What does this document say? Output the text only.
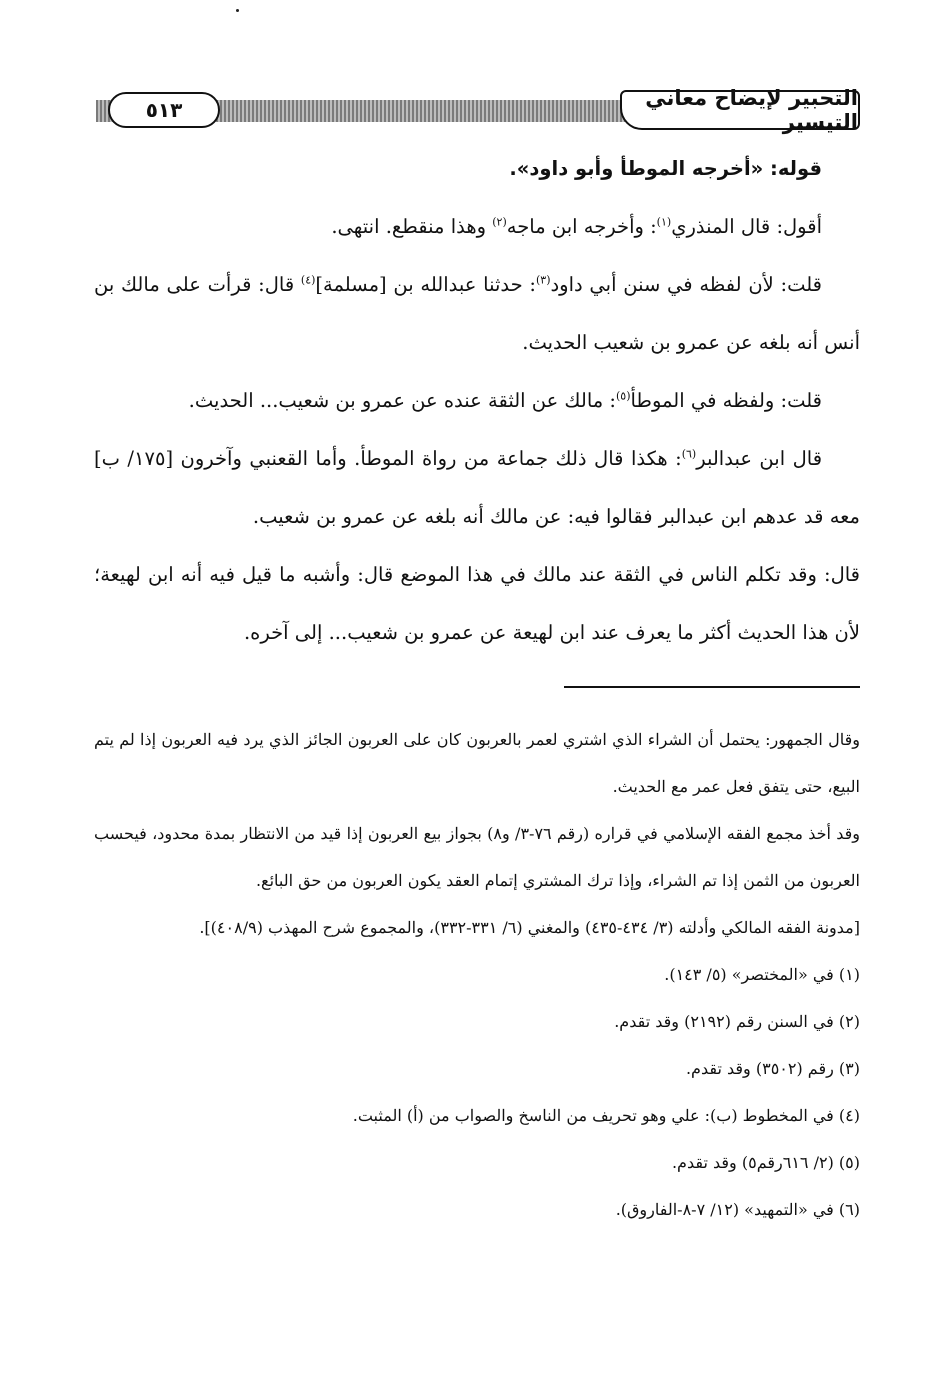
٥١٣	التحبير لإيضاح معاني التيسير

قوله: «أخرجه الموطأ وأبو داود».

أقول: قال المنذري$^{(١)}$: وأخرجه ابن ماجه$^{(٢)}$ وهذا منقطع. انتهى.

قلت: لأن لفظه في سنن أبي داود$^{(٣)}$: حدثنا عبدالله بن [مسلمة]$^{(٤)}$ قال: قرأت على مالك بن أنس أنه بلغه عن عمرو بن شعيب الحديث.

قلت: ولفظه في الموطأ$^{(٥)}$: مالك عن الثقة عنده عن عمرو بن شعيب... الحديث.

قال ابن عبدالبر$^{(٦)}$: هكذا قال ذلك جماعة من رواة الموطأ. وأما القعنبي وآخرون [١٧٥/ ب] معه قد عدهم ابن عبدالبر فقالوا فيه: عن مالك أنه بلغه عن عمرو بن شعيب.

قال: وقد تكلم الناس في الثقة عند مالك في هذا الموضع قال: وأشبه ما قيل فيه أنه ابن لهيعة؛ لأن هذا الحديث أكثر ما يعرف عند ابن لهيعة عن عمرو بن شعيب... إلى آخره.

وقال الجمهور: يحتمل أن الشراء الذي اشتري لعمر بالعربون كان على العربون الجائز الذي يرد فيه العربون إذا لم يتم البيع، حتى يتفق فعل عمر مع الحديث.

وقد أخذ مجمع الفقه الإسلامي في قراره (رقم ٧٦-٣/ و٨) بجواز بيع العربون إذا قيد من الانتظار بمدة محدود، فيحسب العربون من الثمن إذا تم الشراء، وإذا ترك المشتري إتمام العقد يكون العربون من حق البائع.

[مدونة الفقه المالكي وأدلته (٣/ ٤٣٤-٤٣٥) والمغني (٦/ ٣٣١-٣٣٢)، والمجموع شرح المهذب (٤٠٨/٩)].

(١) في «المختصر» (٥/ ١٤٣).

(٢) في السنن رقم (٢١٩٢) وقد تقدم.

(٣) رقم (٣٥٠٢) وقد تقدم.

(٤) في المخطوط (ب): علي وهو تحريف من الناسخ والصواب من (أ) المثبت.

(٥) (٢/ ٦١٦رقم٥) وقد تقدم.

(٦) في «التمهيد» (١٢/ ٧-٨-الفاروق).
